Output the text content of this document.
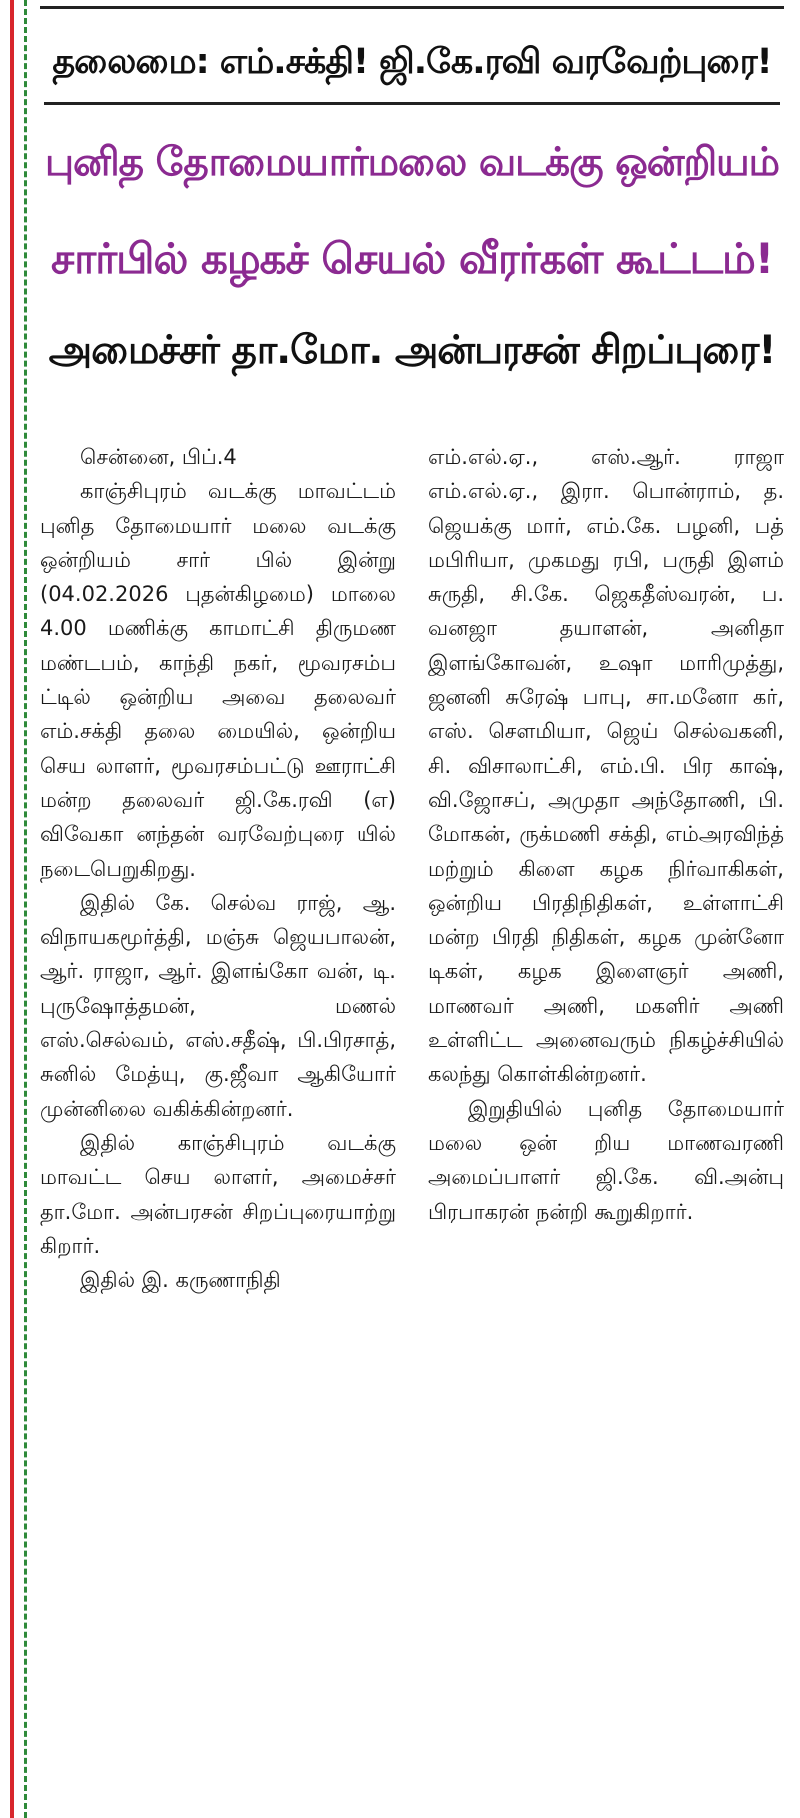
தலைமை: எம்.சக்தி! ஜி.கே.ரவி வரவேற்புரை!
புனித தோமையார்மலை வடக்கு ஒன்றியம்
சார்பில் கழகச் செயல் வீரர்கள் கூட்டம்!
அமைச்சர் தா.மோ. அன்பரசன் சிறப்புரை!

சென்னை, பிப்.4

காஞ்சிபுரம் வடக்கு மாவட்டம் புனித தோமையார் மலை வடக்கு ஒன்றியம் சார் பில் இன்று (04.02.2026 புதன்கிழமை) மாலை 4.00 மணிக்கு காமாட்சி திருமண மண்டபம், காந்தி நகர், மூவரசம்ப ட்டில் ஒன்றிய அவை தலைவர் எம்.சக்தி தலை மையில், ஒன்றிய செய லாளர், மூவரசம்பட்டு ஊராட்சி மன்ற தலைவர் ஜி.கே.ரவி (எ) விவேகா னந்தன் வரவேற்புரை யில் நடைபெறுகிறது.

இதில் கே. செல்வ ராஜ், ஆ. விநாயகமூர்த்தி, மஞ்சு ஜெயபாலன், ஆர். ராஜா, ஆர். இளங்கோ வன், டி. புருஷோத்தமன், மணல் எஸ்.செல்வம், எஸ்.சதீஷ், பி.பிரசாத், சுனில் மேத்யு, கு.ஜீவா ஆகியோர் முன்னிலை வகிக்கின்றனர்.

இதில் காஞ்சிபுரம் வடக்கு மாவட்ட செய லாளர், அமைச்சர் தா.மோ. அன்பரசன் சிறப்புரையாற்று கிறார்.

இதில் இ. கருணாநிதி

எம்.எல்.ஏ., எஸ்.ஆர். ராஜா எம்.எல்.ஏ., இரா. பொன்ராம், த. ஜெயக்கு மார், எம்.கே. பழனி, பத் மபிரியா, முகமது ரபி, பருதி இளம் சுருதி, சி.கே. ஜெகதீஸ்வரன், ப. வனஜா தயாளன், அனிதா இளங்கோவன், உஷா மாரிமுத்து, ஜனனி சுரேஷ் பாபு, சா.மனோ கர், எஸ். சௌமியா, ஜெய் செல்வகனி, சி. விசாலாட்சி, எம்.பி. பிர காஷ், வி.ஜோசப், அமுதா அந்தோணி, பி. மோகன், ருக்மணி சக்தி, எம்அரவிந்த் மற்றும் கிளை கழக நிர்வாகிகள், ஒன்றிய பிரதிநிதிகள், உள்ளாட்சி மன்ற பிரதி நிதிகள், கழக முன்னோ டிகள், கழக இளைஞர் அணி, மாணவர் அணி, மகளிர் அணி உள்ளிட்ட அனைவரும் நிகழ்ச்சியில் கலந்து கொள்கின்றனர்.

இறுதியில் புனித தோமையார் மலை ஒன் றிய மாணவரணி அமைப்பாளர் ஜி.கே. வி.அன்பு பிரபாகரன் நன்றி கூறுகிறார்.
